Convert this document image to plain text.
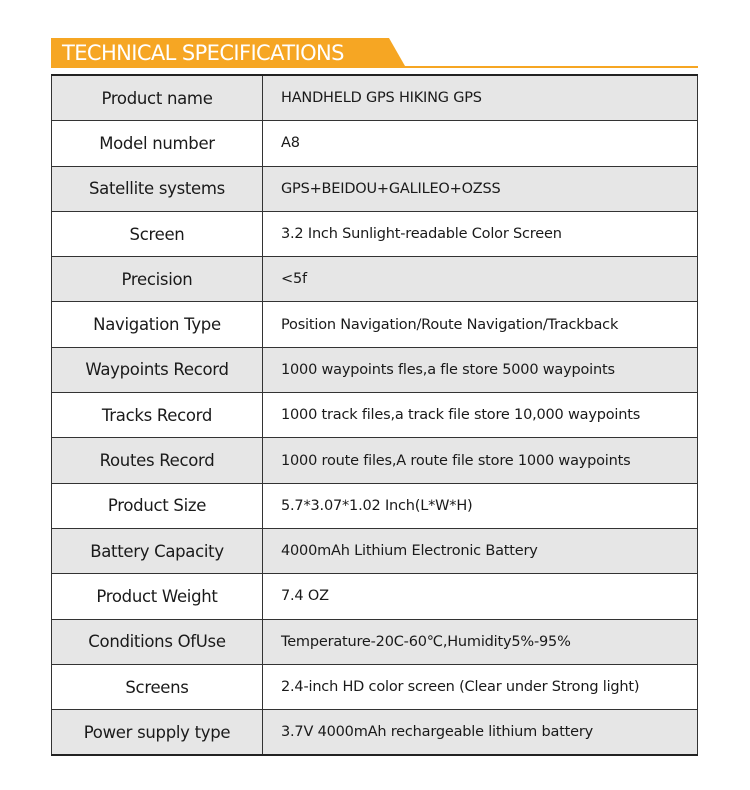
TECHNICAL SPECIFICATIONS
Product name	HANDHELD GPS HIKING GPS
Model number	A8
Satellite systems	GPS+BEIDOU+GALILEO+OZSS
Screen	3.2 Inch Sunlight-readable Color Screen
Precision	<5f
Navigation Type	Position Navigation/Route Navigation/Trackback
Waypoints Record	1000 waypoints fles,a fle store 5000 waypoints
Tracks Record	1000 track files,a track file store 10,000 waypoints
Routes Record	1000 route files,A route file store 1000 waypoints
Product Size	5.7*3.07*1.02 Inch(L*W*H)
Battery Capacity	4000mAh Lithium Electronic Battery
Product Weight	7.4 OZ
Conditions OfUse	Temperature-20C-60℃,Humidity5%-95%
Screens	2.4-inch HD color screen (Clear under Strong light)
Power supply type	3.7V 4000mAh rechargeable lithium battery
